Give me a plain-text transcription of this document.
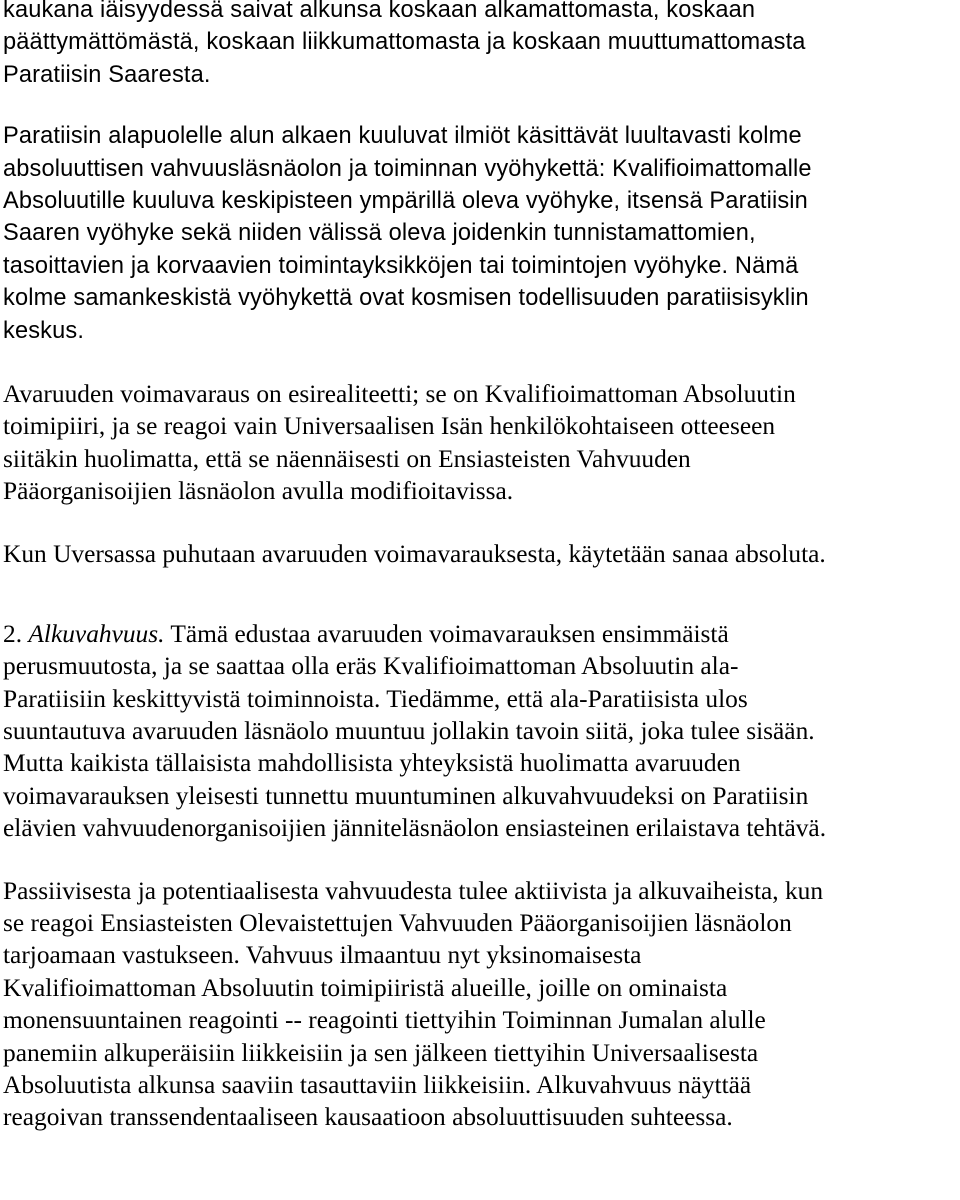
kaukana iäisyydessä saivat alkunsa koskaan alkamattomasta, koskaan
päättymättömästä, koskaan liikkumattomasta ja koskaan muuttumattomasta
Paratiisin Saaresta.
Paratiisin alapuolelle alun alkaen kuuluvat ilmiöt käsittävät luultavasti kolme
absoluuttisen vahvuusläsnäolon ja toiminnan vyöhykettä: Kvalifioimattomalle
Absoluutille kuuluva keskipisteen ympärillä oleva vyöhyke, itsensä Paratiisin
Saaren vyöhyke sekä niiden välissä oleva joidenkin tunnistamattomien,
tasoittavien ja korvaavien toimintayksikköjen tai toimintojen vyöhyke. Nämä
kolme samankeskistä vyöhykettä ovat kosmisen todellisuuden paratiisisyklin
keskus.
Avaruuden voimavaraus on esirealiteetti; se on Kvalifioimattoman Absoluutin
toimipiiri, ja se reagoi vain Universaalisen Isän henkilökohtaiseen otteeseen
siitäkin huolimatta, että se näennäisesti on Ensiasteisten Vahvuuden
Pääorganisoijien läsnäolon avulla modifioitavissa.
Kun Uversassa puhutaan avaruuden voimavarauksesta, käytetään sanaa absoluta.
2. Alkuvahvuus. Tämä edustaa avaruuden voimavarauksen ensimmäistä
perusmuutosta, ja se saattaa olla eräs Kvalifioimattoman Absoluutin ala-
Paratiisiin keskittyvistä toiminnoista. Tiedämme, että ala-Paratiisista ulos
suuntautuva avaruuden läsnäolo muuntuu jollakin tavoin siitä, joka tulee sisään.
Mutta kaikista tällaisista mahdollisista yhteyksistä huolimatta avaruuden
voimavarauksen yleisesti tunnettu muuntuminen alkuvahvuudeksi on Paratiisin
elävien vahvuudenorganisoijien jänniteläsnäolon ensiasteinen erilaistava tehtävä.
Passiivisesta ja potentiaalisesta vahvuudesta tulee aktiivista ja alkuvaiheista, kun
se reagoi Ensiasteisten Olevaistettujen Vahvuuden Pääorganisoijien läsnäolon
tarjoamaan vastukseen. Vahvuus ilmaantuu nyt yksinomaisesta
Kvalifioimattoman Absoluutin toimipiiristä alueille, joille on ominaista
monensuuntainen reagointi -- reagointi tiettyihin Toiminnan Jumalan alulle
panemiin alkuperäisiin liikkeisiin ja sen jälkeen tiettyihin Universaalisesta
Absoluutista alkunsa saaviin tasauttaviin liikkeisiin. Alkuvahvuus näyttää
reagoivan transsendentaaliseen kausaatioon absoluuttisuuden suhteessa.
